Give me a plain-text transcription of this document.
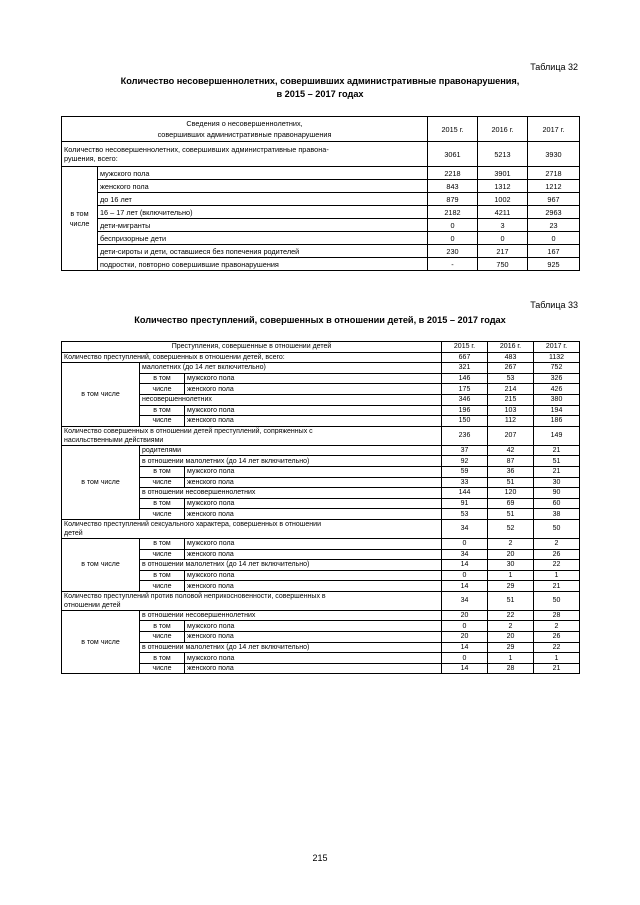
Таблица 32
Количество несовершеннолетних, совершивших административные правонарушения,
в 2015 – 2017 годах
Сведения о несовершеннолетних,
совершивших административные правонарушения		2015 г.	2016 г.	2017 г.

Количество несовершеннолетних, совершивших административные правона-
рушения, всего:		3061	5213	3930

в том
числе	мужского пола	2218	3901	2718
	женского пола	843	1312	1212
	до 16 лет	879	1002	967
	16 – 17 лет (включительно)	2182	4211	2963
	дети-мигранты	0	3	23
	беспризорные дети	0	0	0
	дети-сироты и дети, оставшиеся без попечения родителей	230	217	167
	подростки, повторно совершившие правонарушения	-	750	925
Таблица 33
Количество преступлений, совершенных в отношении детей, в 2015 – 2017 годах
Преступления, совершенные в отношении детей			2015 г.	2016 г.	2017 г.
Количество преступлений, совершенных в отношении детей, всего:			667	483	1132
в том числе	малолетних (до 14 лет включительно)		321	267	752
	в том	мужского пола	146	53	326
	числе	женского пола	175	214	426
	несовершеннолетних		346	215	380
	в том	мужского пола	196	103	194
	числе	женского пола	150	112	186

Количество совершенных в отношении детей преступлений, сопряженных с
насильственными действиями			236	207	149
в том числе	родителями		37	42	21
	в отношении малолетних (до 14 лет включительно)		92	87	51
	в том	мужского пола	59	36	21
	числе	женского пола	33	51	30
	в отношении несовершеннолетних		144	120	90
	в том	мужского пола	91	69	60
	числе	женского пола	53	51	38

Количество преступлений сексуального характера, совершенных в отношении
детей			34	52	50
в том числе	в том	мужского пола	0	2	2
	числе	женского пола	34	20	26
	в отношении малолетних (до 14 лет включительно)		14	30	22
	в том	мужского пола	0	1	1
	числе	женского пола	14	29	21

Количество преступлений против половой неприкосновенности, совершенных в
отношении детей			34	51	50
в том числе	в отношении несовершеннолетних		20	22	28
	в том	мужского пола	0	2	2
	числе	женского пола	20	20	26
	в отношении малолетних (до 14 лет включительно)		14	29	22
	в том	мужского пола	0	1	1
	числе	женского пола	14	28	21
215
